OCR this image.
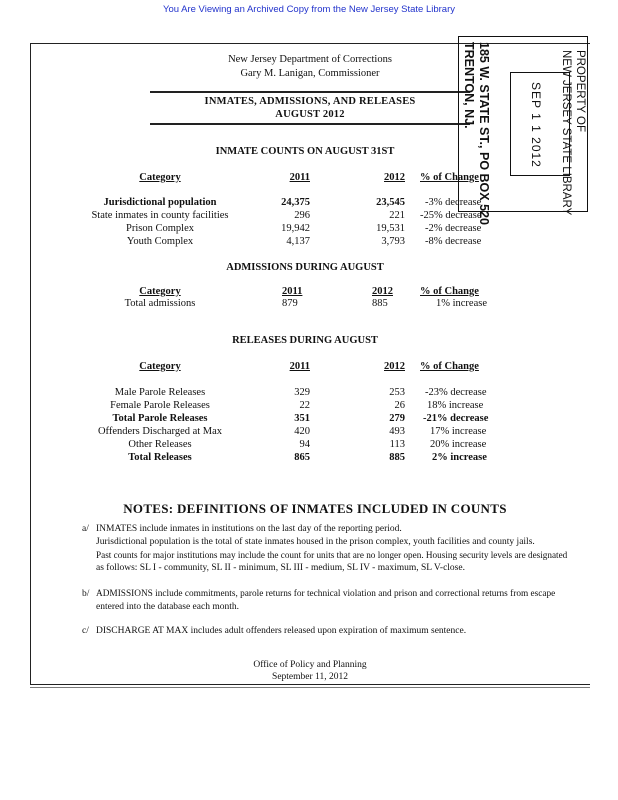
You Are Viewing an Archived Copy from the New Jersey State Library
New Jersey Department of Corrections
Gary M. Lanigan, Commissioner
INMATES, ADMISSIONS, AND RELEASES
AUGUST 2012	185 W. STATE ST., PO BOX 520
TRENTON, NJ.	SEP 1 1 2012	PROPERTY OF
NEW JERSEY STATE LIBRARY
INMATE COUNTS ON AUGUST 31ST
Category	2011	2012 % of Change
Jurisdictional population	24,375	23,545 -3% decrease
State inmates in county facilities	296	221 -25% decrease
Prison Complex	19,942	19,531 -2% decrease
Youth Complex	4,137	3,793 -8% decrease
ADMISSIONS DURING AUGUST
Category	2011	2012	% of Change
Total admissions	879	885	1% increase
RELEASES DURING AUGUST
Category	2011	2012 % of Change
Male Parole Releases	329	253 -23% decrease
Female Parole Releases	22	26 18% increase
Total Parole Releases	351	279 -21% decrease
Offenders Discharged at Max	420	493 17% increase
Other Releases	94	113 20% increase
Total Releases	865	885	2% increase
NOTES: DEFINITIONS OF INMATES INCLUDED IN COUNTS
a/ INMATES include inmates in institutions on the last day of the reporting period.
Jurisdictional population is the total of state inmates housed in the prison complex, youth facilities and county jails.
Past counts for major institutions may include the count for units that are no longer open. Housing security levels are designated
as follows: SL I - community, SL II - minimum, SL III - medium, SL IV - maximum, SL V-close.
b/ ADMISSIONS include commitments, parole returns for technical violation and prison and correctional returns from escape
entered into the database each month.
c/ DISCHARGE AT MAX includes adult offenders released upon expiration of maximum sentence.
Office of Policy and Planning
September 11, 2012
